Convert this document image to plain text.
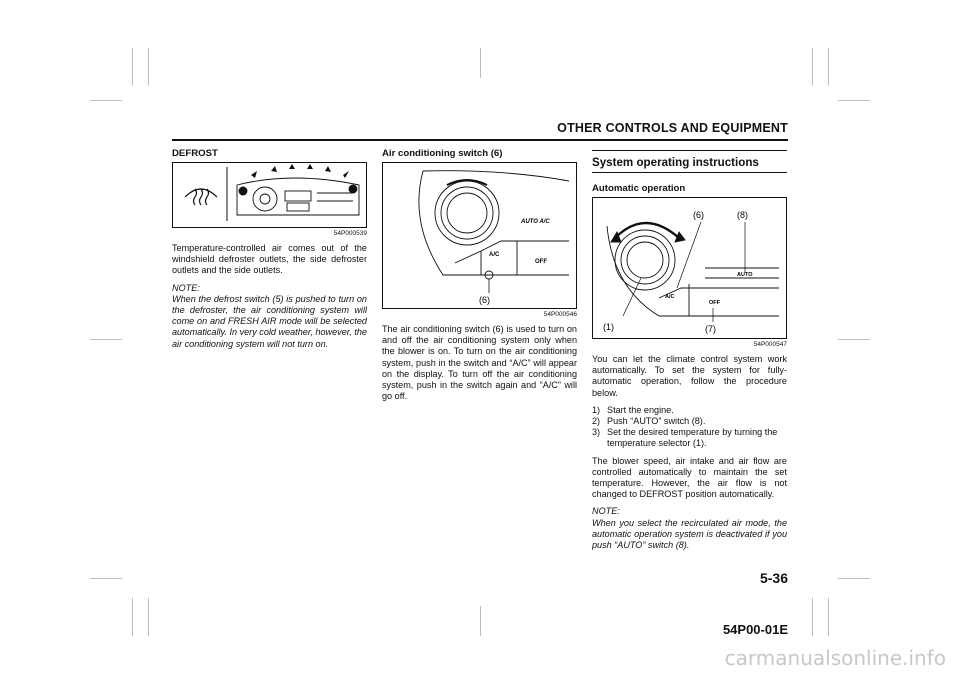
OTHER CONTROLS AND EQUIPMENT
DEFROST
54P000539

Temperature-controlled air comes out of the windshield defroster outlets, the side defroster outlets and the side outlets.

NOTE:

When the defrost switch (5) is pushed to turn on the defroster, the air conditioning system will come on and FRESH AIR mode will be selected automatically. In very cold weather, however, the air conditioning system will not turn on.

Air conditioning switch (6)
A/C
OFF
AUTO A/C
(6)
54P000546

The air conditioning switch (6) is used to turn on and off the air conditioning system only when the blower is on. To turn on the air conditioning system, push in the switch and “A/C” will appear on the display. To turn off the air conditioning system, push in the switch again and “A/C” will go off.

System operating instructions
Automatic operation
AUTO
A/C
OFF
(6)	(8)
(1)	(7)
54P000547

You can let the climate control system work automatically. To set the system for fully-automatic operation, follow the procedure below.

1) Start the engine.
2) Push “AUTO” switch (8).
3) Set the desired temperature by turning the temperature selector (1).

The blower speed, air intake and air flow are controlled automatically to maintain the set temperature. However, the air flow is not changed to DEFROST position automatically.

NOTE:

When you select the recirculated air mode, the automatic operation system is deactivated if you push “AUTO” switch (8).

5-36
54P00-01E
carmanualsonline.info
